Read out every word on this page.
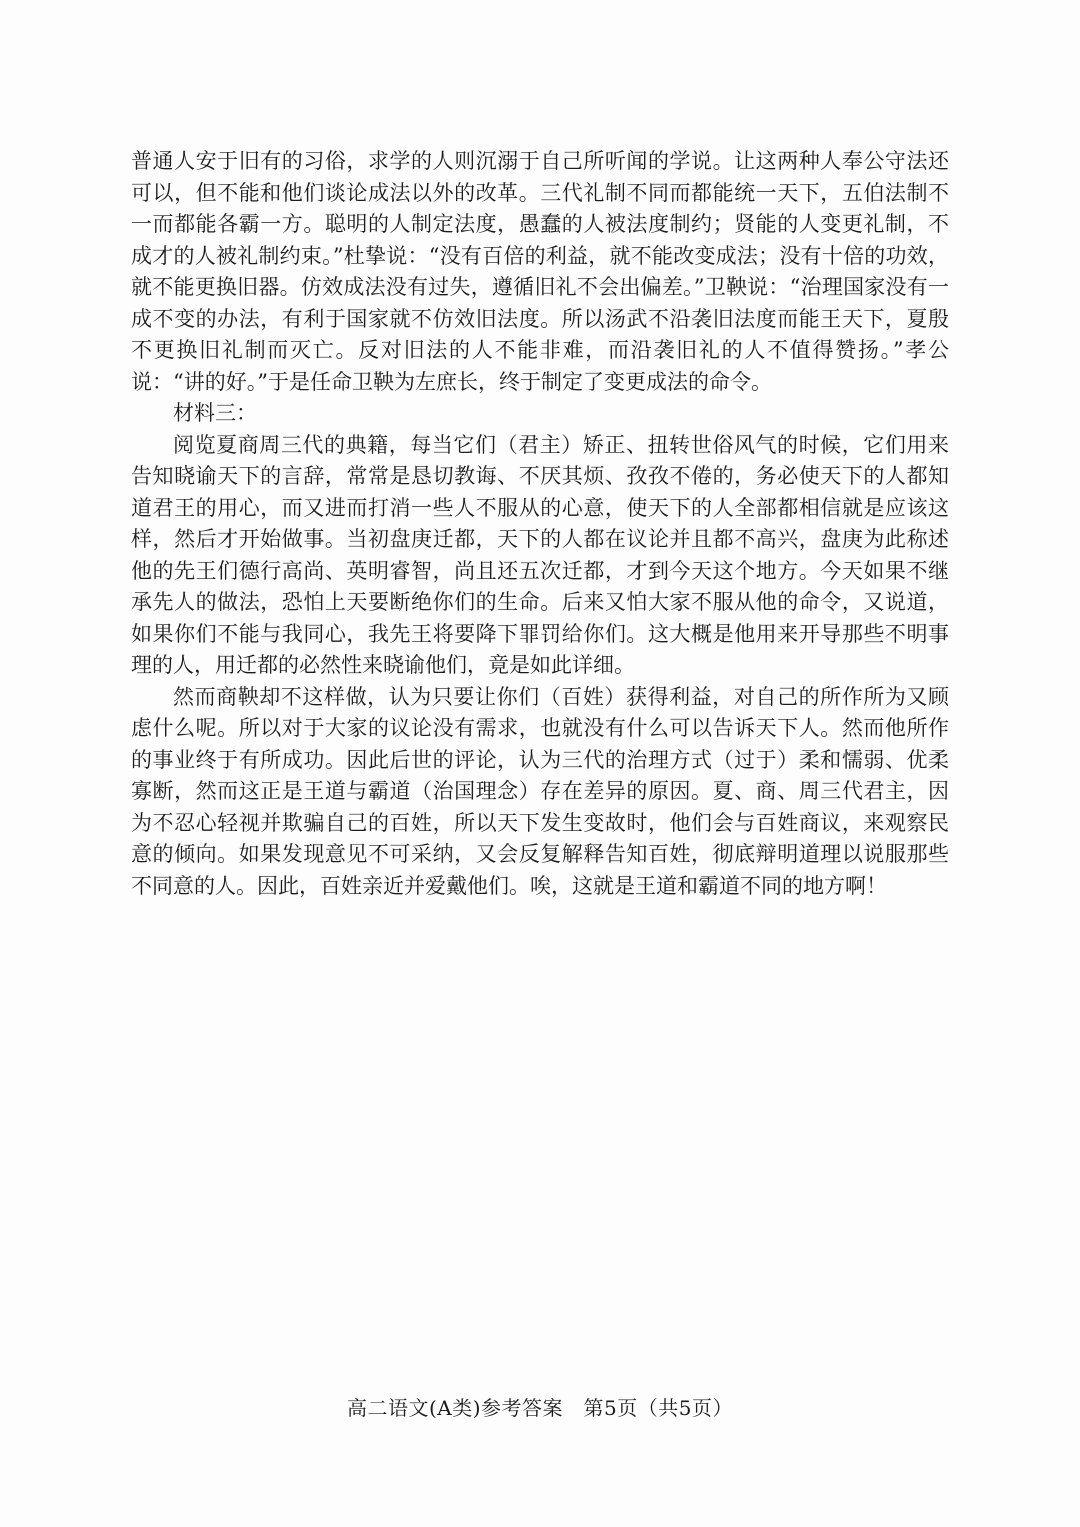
普通人安于旧有的习俗，求学的人则沉溺于自己所听闻的学说。让这两种人奉公守法还可以，但不能和他们谈论成法以外的改革。三代礼制不同而都能统一天下，五伯法制不一而都能各霸一方。聪明的人制定法度，愚蠢的人被法度制约；贤能的人变更礼制，不成才的人被礼制约束。”杜挚说：“没有百倍的利益，就不能改变成法；没有十倍的功效，就不能更换旧器。仿效成法没有过失，遵循旧礼不会出偏差。”卫鞅说：“治理国家没有一成不变的办法，有利于国家就不仿效旧法度。所以汤武不沿袭旧法度而能王天下，夏殷不更换旧礼制而灭亡。反对旧法的人不能非难，而沿袭旧礼的人不值得赞扬。”孝公说：“讲的好。”于是任命卫鞅为左庶长，终于制定了变更成法的命令。

材料三：

阅览夏商周三代的典籍，每当它们（君主）矫正、扭转世俗风气的时候，它们用来告知晓谕天下的言辞，常常是恳切教诲、不厌其烦、孜孜不倦的，务必使天下的人都知道君王的用心，而又进而打消一些人不服从的心意，使天下的人全部都相信就是应该这样，然后才开始做事。当初盘庚迁都，天下的人都在议论并且都不高兴，盘庚为此称述他的先王们德行高尚、英明睿智，尚且还五次迁都，才到今天这个地方。今天如果不继承先人的做法，恐怕上天要断绝你们的生命。后来又怕大家不服从他的命令，又说道，如果你们不能与我同心，我先王将要降下罪罚给你们。这大概是他用来开导那些不明事理的人，用迁都的必然性来晓谕他们，竟是如此详细。

然而商鞅却不这样做，认为只要让你们（百姓）获得利益，对自己的所作所为又顾虑什么呢。所以对于大家的议论没有需求，也就没有什么可以告诉天下人。然而他所作的事业终于有所成功。因此后世的评论，认为三代的治理方式（过于）柔和懦弱、优柔寡断，然而这正是王道与霸道（治国理念）存在差异的原因。夏、商、周三代君主，因为不忍心轻视并欺骗自己的百姓，所以天下发生变故时，他们会与百姓商议，来观察民意的倾向。如果发现意见不可采纳，又会反复解释告知百姓，彻底辩明道理以说服那些不同意的人。因此，百姓亲近并爱戴他们。唉，这就是王道和霸道不同的地方啊！

高二语文(A类)参考答案　第5页（共5页）
